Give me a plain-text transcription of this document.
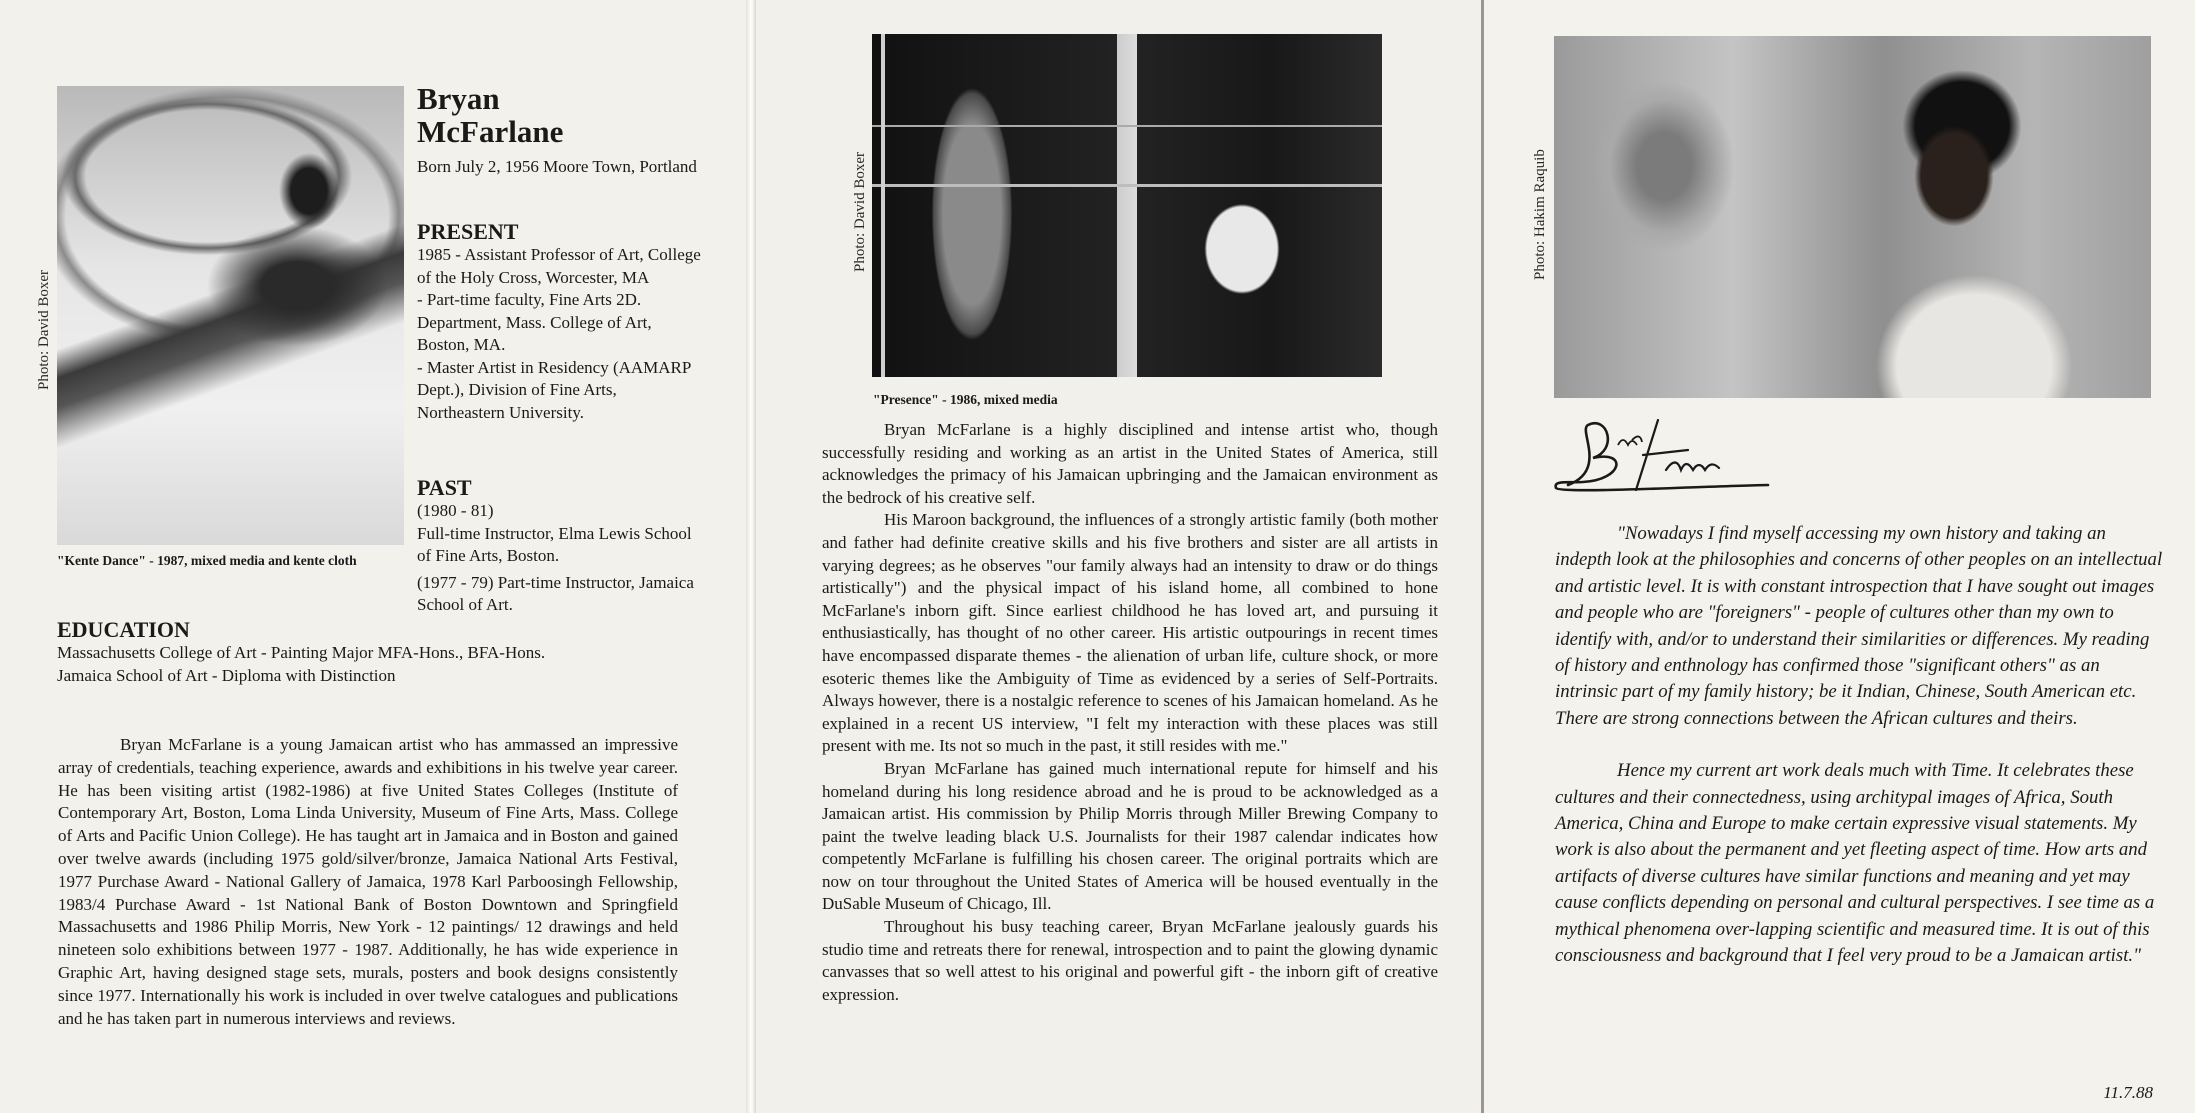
Photo: David Boxer
"Kente Dance" - 1987, mixed media and kente cloth
Bryan
McFarlane
Born July 2, 1956 Moore Town, Portland
PRESENT
1985 - Assistant Professor of Art, College of the Holy Cross, Worcester, MA
- Part-time faculty, Fine Arts 2D. Department, Mass. College of Art, Boston, MA.
- Master Artist in Residency (AAMARP Dept.), Division of Fine Arts, Northeastern University.
PAST
(1980 - 81)
Full-time Instructor, Elma Lewis School of Fine Arts, Boston.
(1977 - 79) Part-time Instructor, Jamaica School of Art.
EDUCATION
Massachusetts College of Art - Painting Major MFA-Hons., BFA-Hons.
Jamaica School of Art - Diploma with Distinction
Bryan McFarlane is a young Jamaican artist who has ammassed an impressive array of credentials, teaching experience, awards and exhibitions in his twelve year career. He has been visiting artist (1982-1986) at five United States Colleges (Institute of Contemporary Art, Boston, Loma Linda University, Museum of Fine Arts, Mass. College of Arts and Pacific Union College). He has taught art in Jamaica and in Boston and gained over twelve awards (including 1975 gold/silver/bronze, Jamaica National Arts Festival, 1977 Purchase Award - National Gallery of Jamaica, 1978 Karl Parboosingh Fellowship, 1983/4 Purchase Award - 1st National Bank of Boston Downtown and Springfield Massachusetts and 1986 Philip Morris, New York - 12 paintings/ 12 drawings and held nineteen solo exhibitions between 1977 - 1987. Additionally, he has wide experience in Graphic Art, having designed stage sets, murals, posters and book designs consistently since 1977. Internationally his work is included in over twelve catalogues and publications and he has taken part in numerous interviews and reviews.
Photo: David Boxer
"Presence" - 1986, mixed media

Bryan McFarlane is a highly disciplined and intense artist who, though successfully residing and working as an artist in the United States of America, still acknowledges the primacy of his Jamaican upbringing and the Jamaican environment as the bedrock of his creative self.

His Maroon background, the influences of a strongly artistic family (both mother and father had definite creative skills and his five brothers and sister are all artists in varying degrees; as he observes "our family always had an intensity to draw or do things artistically") and the physical impact of his island home, all combined to hone McFarlane's inborn gift. Since earliest childhood he has loved art, and pursuing it enthusiastically, has thought of no other career. His artistic outpourings in recent times have encompassed disparate themes - the alienation of urban life, culture shock, or more esoteric themes like the Ambiguity of Time as evidenced by a series of Self-Portraits. Always however, there is a nostalgic reference to scenes of his Jamaican homeland. As he explained in a recent US interview, "I felt my interaction with these places was still present with me. Its not so much in the past, it still resides with me."

Bryan McFarlane has gained much international repute for himself and his homeland during his long residence abroad and he is proud to be acknowledged as a Jamaican artist. His commission by Philip Morris through Miller Brewing Company to paint the twelve leading black U.S. Journalists for their 1987 calendar indicates how competently McFarlane is fulfilling his chosen career. The original portraits which are now on tour throughout the United States of America will be housed eventually in the DuSable Museum of Chicago, Ill.

Throughout his busy teaching career, Bryan McFarlane jealously guards his studio time and retreats there for renewal, introspection and to paint the glowing dynamic canvasses that so well attest to his original and powerful gift - the inborn gift of creative expression.

Photo: Hakim Raquib

"Nowadays I find myself accessing my own history and taking an indepth look at the philosophies and concerns of other peoples on an intellectual and artistic level. It is with constant introspection that I have sought out images and people who are "foreigners" - people of cultures other than my own to identify with, and/or to understand their similarities or differences. My reading of history and enthnology has confirmed those "significant others" as an intrinsic part of my family history; be it Indian, Chinese, South American etc. There are strong connections between the African cultures and theirs.

Hence my current art work deals much with Time. It celebrates these cultures and their connectedness, using architypal images of Africa, South America, China and Europe to make certain expressive visual statements. My work is also about the permanent and yet fleeting aspect of time. How arts and artifacts of diverse cultures have similar functions and meaning and yet may cause conflicts depending on personal and cultural perspectives. I see time as a mythical phenomena over-lapping scientific and measured time. It is out of this consciousness and background that I feel very proud to be a Jamaican artist."

11.7.88
